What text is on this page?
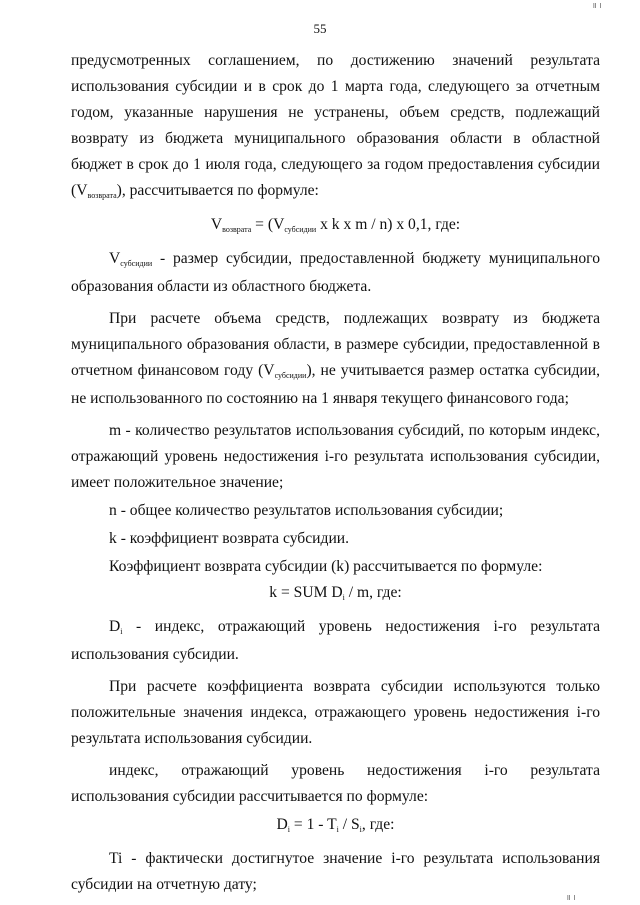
॥ ।
55

предусмотренных соглашением, по достижению значений результата использования субсидии и в срок до 1 марта года, следующего за отчетным годом, указанные нарушения не устранены, объем средств, подлежащий возврату из бюджета муниципального образования области в областной бюджет в срок до 1 июля года, следующего за годом предоставления субсидии $(V_{возврата})$, рассчитывается по формуле:

$V_{возврата} = (V_{субсидии}$ x k x m / n) x 0,1, где:

$V_{субсидии}$ - размер субсидии, предоставленной бюджету муниципального образования области из областного бюджета.

При расчете объема средств, подлежащих возврату из бюджета муниципального образования области, в размере субсидии, предоставленной в отчетном финансовом году $(V_{субсидии})$, не учитывается размер остатка субсидии, не использованного по состоянию на 1 января текущего финансового года;

m - количество результатов использования субсидий, по которым индекс, отражающий уровень недостижения i-го результата использования субсидии, имеет положительное значение;

n - общее количество результатов использования субсидии;

k - коэффициент возврата субсидии.

Коэффициент возврата субсидии (k) рассчитывается по формуле:

k = SUM $D_i$ / m, где:

$D_i$ - индекс, отражающий уровень недостижения i-го результата использования субсидии.

При расчете коэффициента возврата субсидии используются только положительные значения индекса, отражающего уровень недостижения i-го результата использования субсидии.

индекс, отражающий уровень недостижения i-го результата использования субсидии рассчитывается по формуле:

$D_i = 1 - T_i / S_i$, где:

Ti - фактически достигнутое значение i-го результата использования субсидии на отчетную дату;

॥ ।
